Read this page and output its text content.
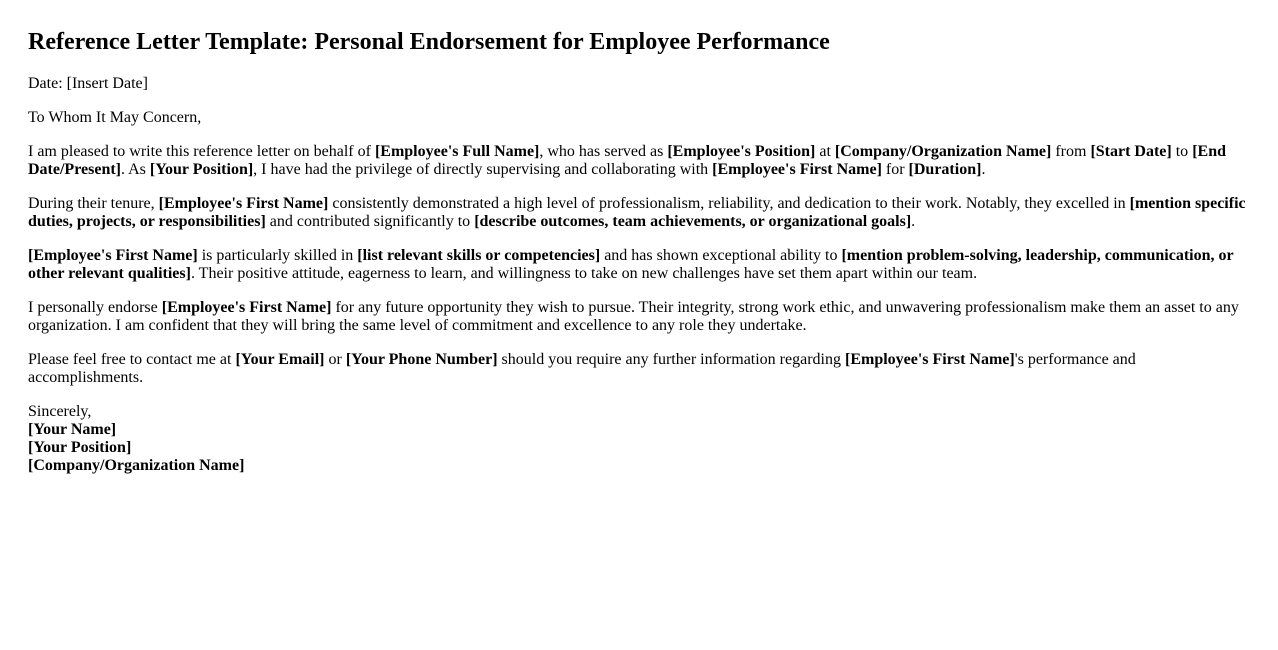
Reference Letter Template: Personal Endorsement for Employee Performance

Date: [Insert Date]

To Whom It May Concern,

I am pleased to write this reference letter on behalf of [Employee's Full Name], who has served as [Employee's Position] at [Company/Organization Name] from [Start Date] to [End Date/Present]. As [Your Position], I have had the privilege of directly supervising and collaborating with [Employee's First Name] for [Duration].

During their tenure, [Employee's First Name] consistently demonstrated a high level of professionalism, reliability, and dedication to their work. Notably, they excelled in [mention specific duties, projects, or responsibilities] and contributed significantly to [describe outcomes, team achievements, or organizational goals].

[Employee's First Name] is particularly skilled in [list relevant skills or competencies] and has shown exceptional ability to [mention problem-solving, leadership, communication, or other relevant qualities]. Their positive attitude, eagerness to learn, and willingness to take on new challenges have set them apart within our team.

I personally endorse [Employee's First Name] for any future opportunity they wish to pursue. Their integrity, strong work ethic, and unwavering professionalism make them an asset to any organization. I am confident that they will bring the same level of commitment and excellence to any role they undertake.

Please feel free to contact me at [Your Email] or [Your Phone Number] should you require any further information regarding [Employee's First Name]'s performance and accomplishments.

Sincerely,
[Your Name]
[Your Position]
[Company/Organization Name]
